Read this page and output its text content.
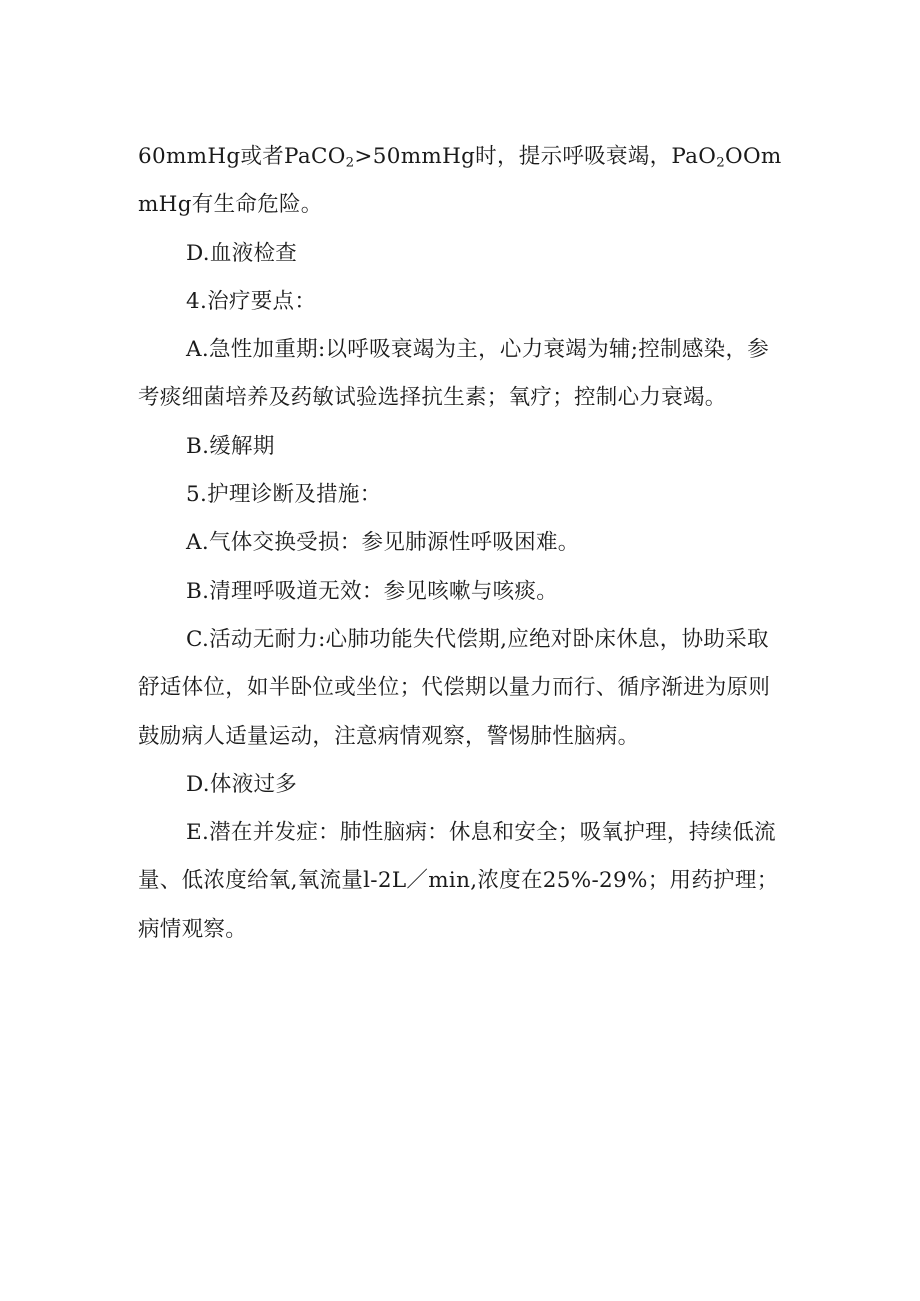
60mmHg或者PaCO$_2$>50mmHg时，提示呼吸衰竭，PaO$_2$OOmmHg有生命危险。

D.血液检查

4.治疗要点：

A.急性加重期:以呼吸衰竭为主，心力衰竭为辅;控制感染，参考痰细菌培养及药敏试验选择抗生素；氧疗；控制心力衰竭。

B.缓解期

5.护理诊断及措施：

A.气体交换受损：参见肺源性呼吸困难。

B.清理呼吸道无效：参见咳嗽与咳痰。

C.活动无耐力:心肺功能失代偿期,应绝对卧床休息，协助采取舒适体位，如半卧位或坐位；代偿期以量力而行、循序渐进为原则鼓励病人适量运动，注意病情观察，警惕肺性脑病。

D.体液过多

E.潜在并发症：肺性脑病：休息和安全；吸氧护理，持续低流量、低浓度给氧,氧流量l-2L／min,浓度在25%-29%；用药护理；病情观察。
